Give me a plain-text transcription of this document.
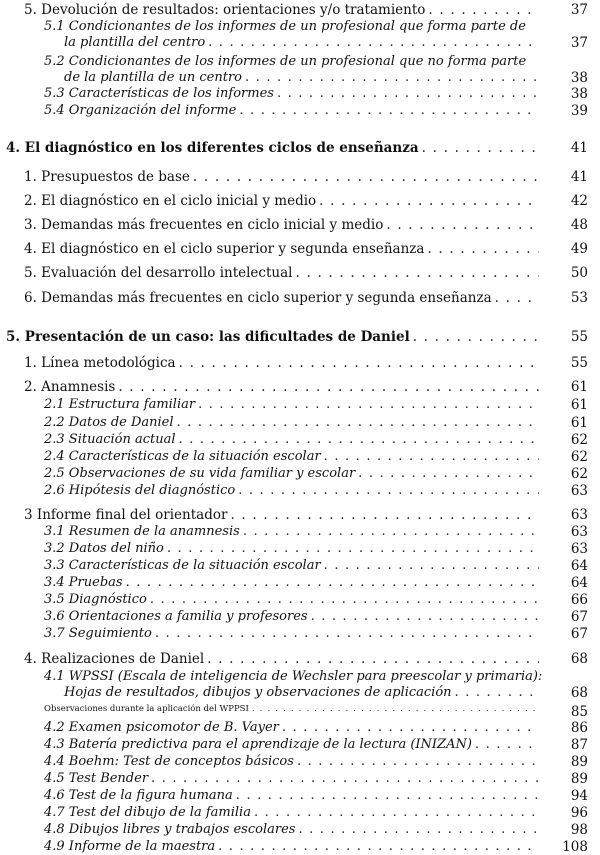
5. Devolución de resultados: orientaciones y/o tratamiento . . .	37
5.1 Condicionantes de los informes de un profesional que forma parte de
la plantilla del centro . . .	37
5.2 Condicionantes de los informes de un profesional que no forma parte
de la plantilla de un centro . . .	38
5.3 Características de los informes . . .	38
5.4 Organización del informe . . .	39
4. El diagnóstico en los diferentes ciclos de enseñanza . . .	41
1. Presupuestos de base . . .	41
2. El diagnóstico en el ciclo inicial y medio . . .	42
3. Demandas más frecuentes en ciclo inicial y medio . . .	48
4. El diagnóstico en el ciclo superior y segunda enseñanza . . .	49
5. Evaluación del desarrollo intelectual . . .	50
6. Demandas más frecuentes en ciclo superior y segunda enseñanza . . .	53
5. Presentación de un caso: las dificultades de Daniel . . .	55
1. Línea metodológica . . .	55
2. Anamnesis . . .	61
2.1 Estructura familiar . . .	61
2.2 Datos de Daniel . . .	61
2.3 Situación actual . . .	62
2.4 Características de la situación escolar . . .	62
2.5 Observaciones de su vida familiar y escolar . . .	62
2.6 Hipótesis del diagnóstico . . .	63
3 Informe final del orientador . . .	63
3.1 Resumen de la anamnesis . . .	63
3.2 Datos del niño . . .	63
3.3 Características de la situación escolar . . .	64
3.4 Pruebas . . .	64
3.5 Diagnóstico . . .	66
3.6 Orientaciones a familia y profesores . . .	67
3.7 Seguimiento . . .	67
4. Realizaciones de Daniel . . .	68
4.1 WPSSI (Escala de inteligencia de Wechsler para preescolar y primaria):
Hojas de resultados, dibujos y observaciones de aplicación . . .	68
Observaciones durante la aplicación del WPPSI . . .	85
4.2 Examen psicomotor de B. Vayer . . .	86
4.3 Batería predictiva para el aprendizaje de la lectura (INIZAN) . . .	87
4.4 Boehm: Test de conceptos básicos . . .	89
4.5 Test Bender . . .	89
4.6 Test de la figura humana . . .	94
4.7 Test del dibujo de la familia . . .	96
4.8 Dibujos libres y trabajos escolares . . .	98
4.9 Informe de la maestra . . .	108
